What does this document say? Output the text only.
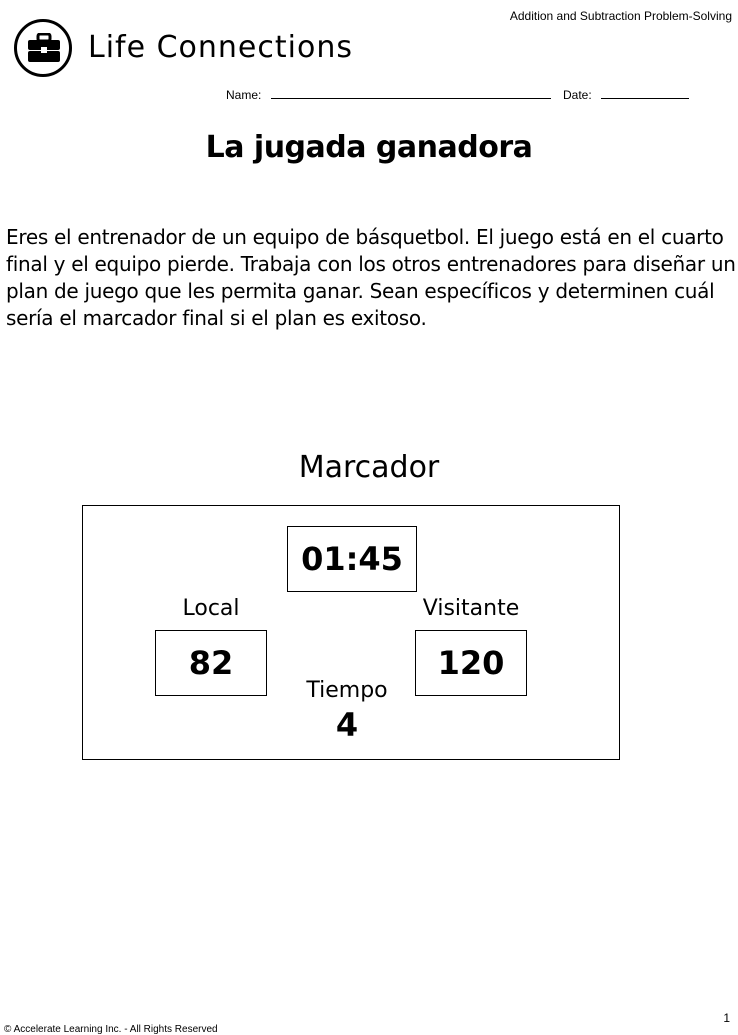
Addition and Subtraction Problem-Solving
Life Connections
Name:	Date:
La jugada ganadora

Eres el entrenador de un equipo de básquetbol. El juego está en el cuarto final y el equipo pierde. Trabaja con los otros entrenadores para diseñar un plan de juego que les permita ganar. Sean específicos y determinen cuál sería el marcador final si el plan es exitoso.

Marcador
01:45
Local
82
Visitante
120
Tiempo
4
1
© Accelerate Learning Inc. - All Rights Reserved
